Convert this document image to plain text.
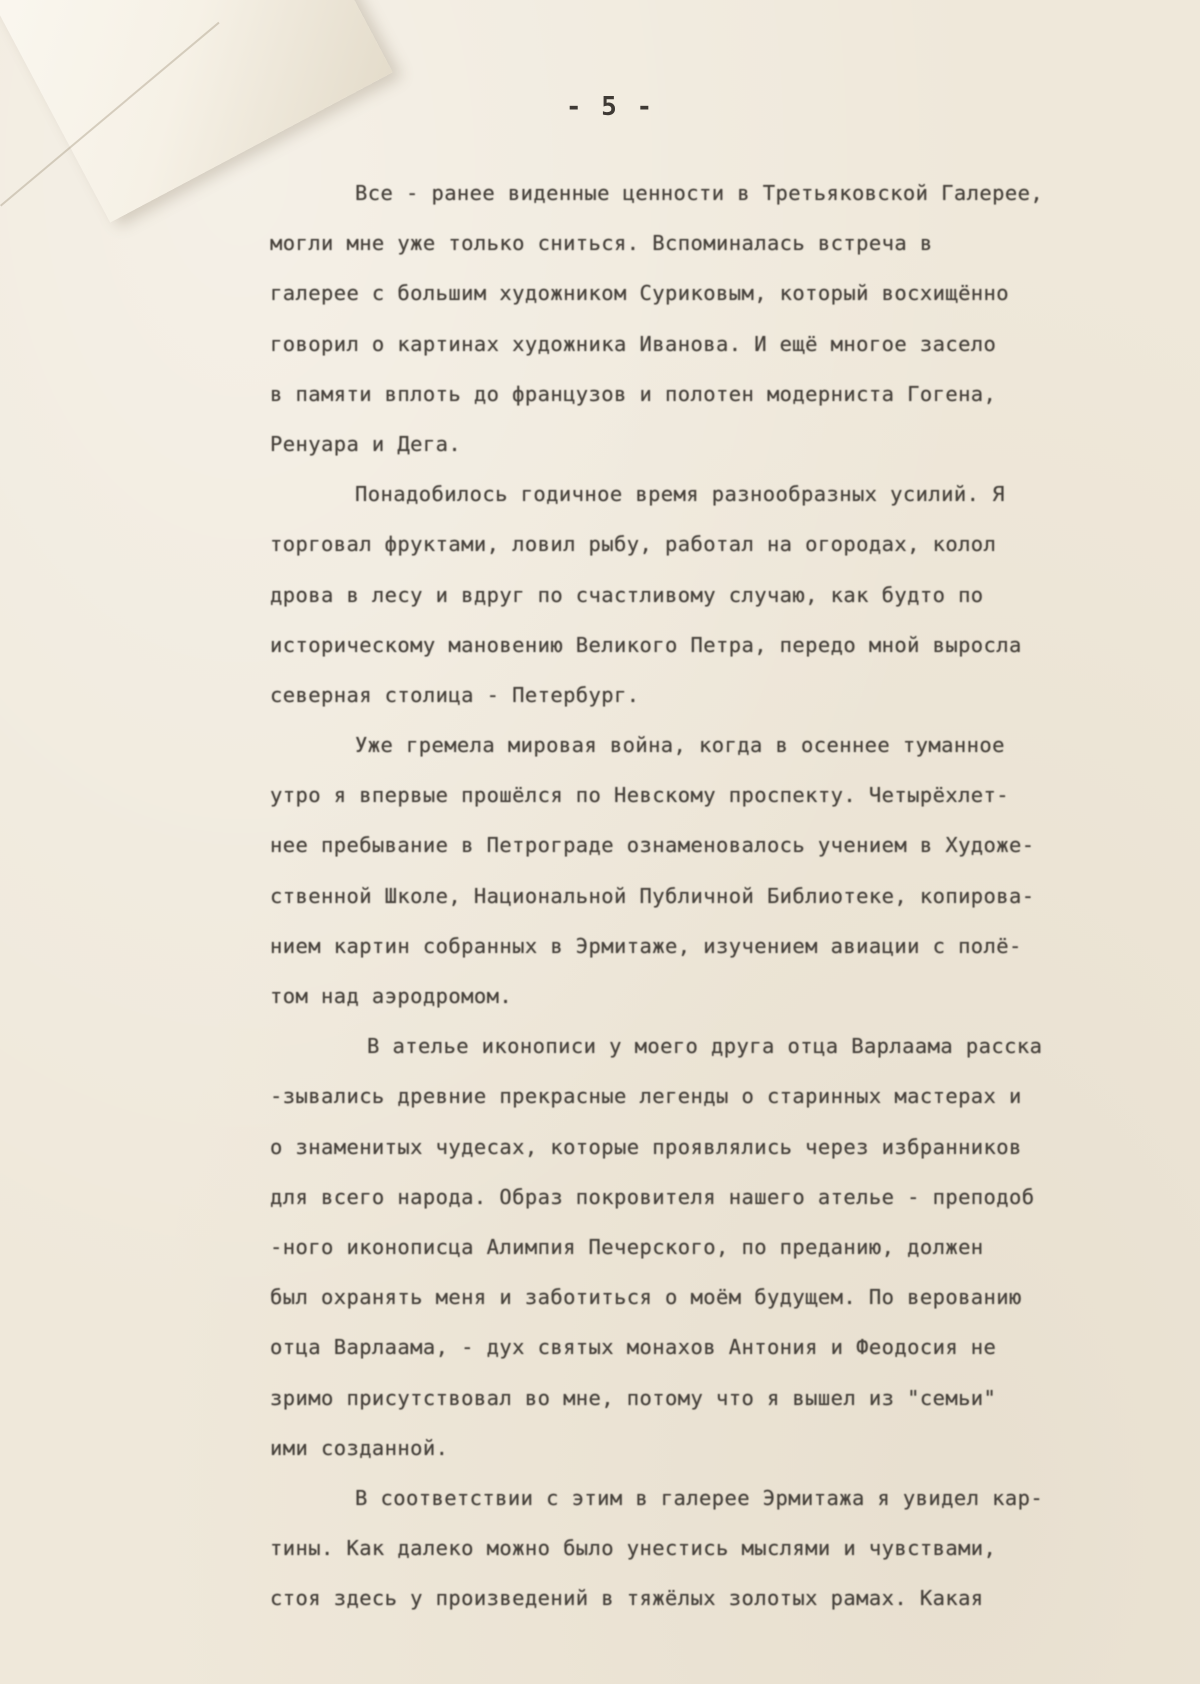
- 5 -
Все - ранее виденные ценности в Третьяковской Галерее,
могли мне уже только сниться. Вспоминалась встреча в
галерее с большим художником Суриковым, который восхищённо
говорил о картинах художника Иванова. И ещё многое засело
в памяти вплоть до французов и полотен модерниста Гогена,
Ренуара и Дега.
Понадобилось годичное время разнообразных усилий. Я
торговал фруктами, ловил рыбу, работал на огородах, колол
дрова в лесу и вдруг по счастливому случаю, как будто по
историческому мановению Великого Петра, передо мной выросла
северная столица - Петербург.
Уже гремела мировая война, когда в осеннее туманное
утро я впервые прошёлся по Невскому проспекту. Четырёхлет-
нее пребывание в Петрограде ознаменовалось учением в Художе-
ственной Школе, Национальной Публичной Библиотеке, копирова-
нием картин собранных в Эрмитаже, изучением авиации с полё-
том над аэродромом.
В ателье иконописи у моего друга отца Варлаама расска
-зывались древние прекрасные легенды о старинных мастерах и
о знаменитых чудесах, которые проявлялись через избранников
для всего народа. Образ покровителя нашего ателье - преподоб
-ного иконописца Алимпия Печерского, по преданию, должен
был охранять меня и заботиться о моём будущем. По верованию
отца Варлаама, - дух святых монахов Антония и Феодосия не
зримо присутствовал во мне, потому что я вышел из "семьи"
ими созданной.
В соответствии с этим в галерее Эрмитажа я увидел кар-
тины. Как далеко можно было унестись мыслями и чувствами,
стоя здесь у произведений в тяжёлых золотых рамах. Какая
